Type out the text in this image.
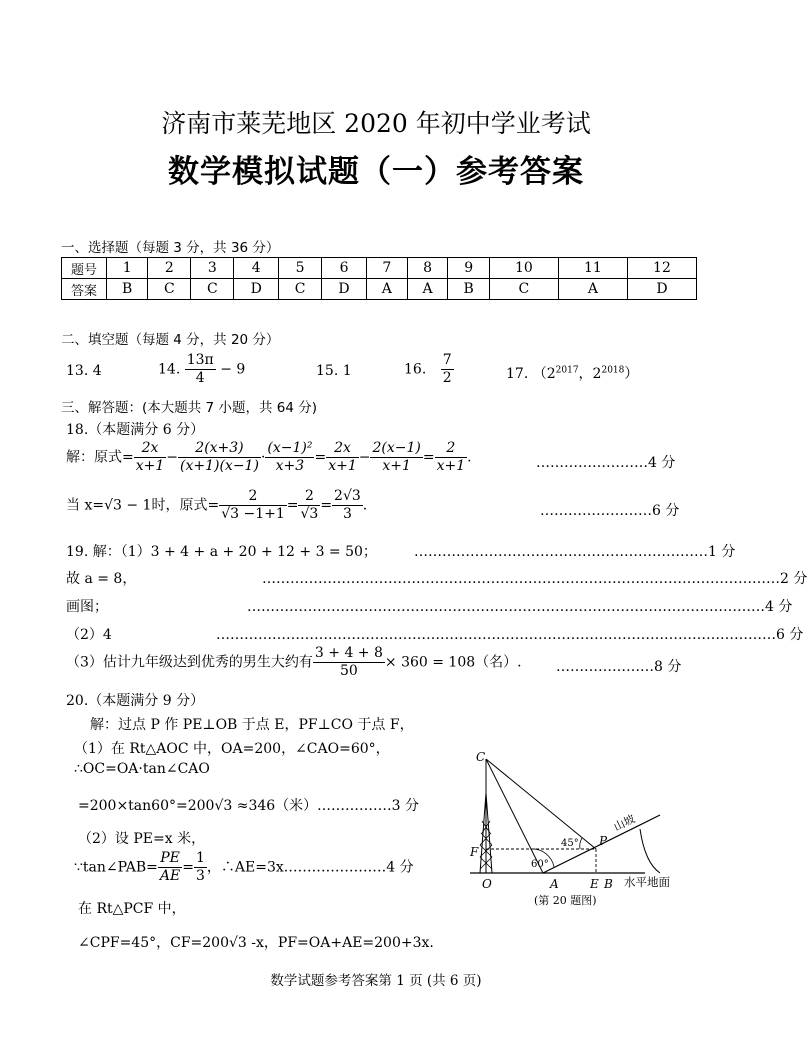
济南市莱芜地区 2020 年初中学业考试
数学模拟试题（一）参考答案
一、选择题（每题 3 分，共 36 分）
题号	1	2	3	4	5	6	7	8	9	10	11	12
答案	B	C	C	D	C	D	A	A	B	C	A	D
二、填空题（每题 4 分，共 20 分）
13. 4	14. $\frac{13\pi}{4} - 9$	15. 1	16. $\frac{7}{2}$	17. （$2^{2017}$，$2^{2018}$）
三、解答题：(本大题共 7 小题，共 64 分)
18.（本题满分 6 分）
解：原式= $\frac{2x}{x+1} - \frac{2(x+3)}{(x+1)(x-1)} \cdot \frac{\text{(x−1)²}}{x+3} = \frac{2x}{x+1} - \frac{2(x-1)}{x+1} = \frac{2}{x+1}$ .	……………………4 分
当 x=√3 − 1时，原式= $\frac{2}{√3 -1+1} = \frac{2}{√3} = \frac{2√3}{3}$ .	……………………6 分
19. 解：（1）3 + 4 + a + 20 + 12 + 3 = 50；	………………………………………………………1 分
故 a = 8，	…………………………………………………………………………………………………2 分
画图；	…………………………………………………………………………………………………4 分
（2）4	…………………………………………………………………………………………………………6 分
（3）估计九年级达到优秀的男生大约有 $\frac{3 + 4 + 8}{50} \times 360 = 108$（名）. …………………8 分
20.（本题满分 9 分）
解：过点 P 作 PE⊥OB 于点 E，PF⊥CO 于点 F，
（1）在 Rt△AOC 中，OA=200，∠CAO=60°，
∴OC=OA·tan∠CAO
=200×tan60°=200√3 ≈346（米）.……………3 分
（2）设 PE=x 米，
∵tan∠PAB= $\frac{PE}{AE} = \frac{1}{3}$ ，∴AE=3x.…………………4 分
在 Rt△PCF 中，
∠CPF=45°，CF=200√3 -x，PF=OA+AE=200+3x.
C
F
O	A	E B
P
45°
60°
山坡
水平地面
(第 20 题图)
数学试题参考答案第 1 页 (共 6 页)
